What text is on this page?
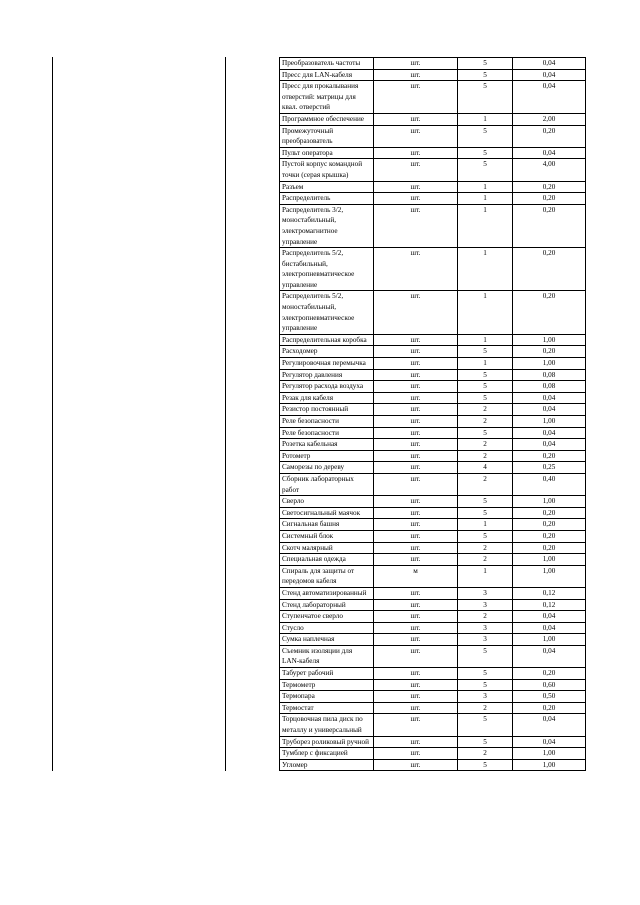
Преобразователь частоты	шт.	5	0,04
Пресс для LAN-кабеля	шт.	5	0,04
Пресс для прокалывания отверстий: матрицы для квал. отверстий	шт.	5	0,04
Программное обеспечение	шт.	1	2,00
Промежуточный преобразователь	шт.	5	0,20
Пульт оператора	шт.	5	0,04
Пустой корпус командной точки (серая крышка)	шт.	5	4,00
Разъем	шт.	1	0,20
Распределитель	шт.	1	0,20
Распределитель 3/2, моностабильный, электромагнитное управление	шт.	1	0,20
Распределитель 5/2, бистабильный, электропневматическое управление	шт.	1	0,20
Распределитель 5/2, моностабильный, электропневматическое управление	шт.	1	0,20
Распределительная коробка	шт.	1	1,00
Расходомер	шт.	5	0,20
Регулировочная перемычка	шт.	1	1,00
Регулятор давления	шт.	5	0,08
Регулятор расхода воздуха	шт.	5	0,08
Резак для кабеля	шт.	5	0,04
Резистор постоянный	шт.	2	0,04
Реле безопасности	шт.	2	1,00
Реле безопасности	шт.	5	0,04
Розетка кабельная	шт.	2	0,04
Ротометр	шт.	2	0,20
Саморезы по дереву	шт.	4	0,25
Сборник лабораторных работ	шт.	2	0,40
Сверло	шт.	5	1,00
Светосигнальный маячок	шт.	5	0,20
Сигнальная башня	шт.	1	0,20
Системный блок	шт.	5	0,20
Скотч малярный	шт.	2	0,20
Специальная одежда	шт.	2	1,00
Спираль для защиты от передомов кабеля	м	1	1,00
Стенд автоматизированный	шт.	3	0,12
Стенд лабораторный	шт.	3	0,12
Ступенчатое сверло	шт.	2	0,04
Стусло	шт.	3	0,04
Сумка наплечная	шт.	3	1,00
Съемник изоляции для LAN-кабеля	шт.	5	0,04
Табурет рабочий	шт.	5	0,20
Термометр	шт.	5	0,60
Термопара	шт.	3	0,50
Термостат	шт.	2	0,20
Торцовочная пила диск по металлу и универсальный	шт.	5	0,04
Труборез роликовый ручной	шт.	5	0,04
Тумблер с фиксацией	шт.	2	1,00
Угломер	шт.	5	1,00
